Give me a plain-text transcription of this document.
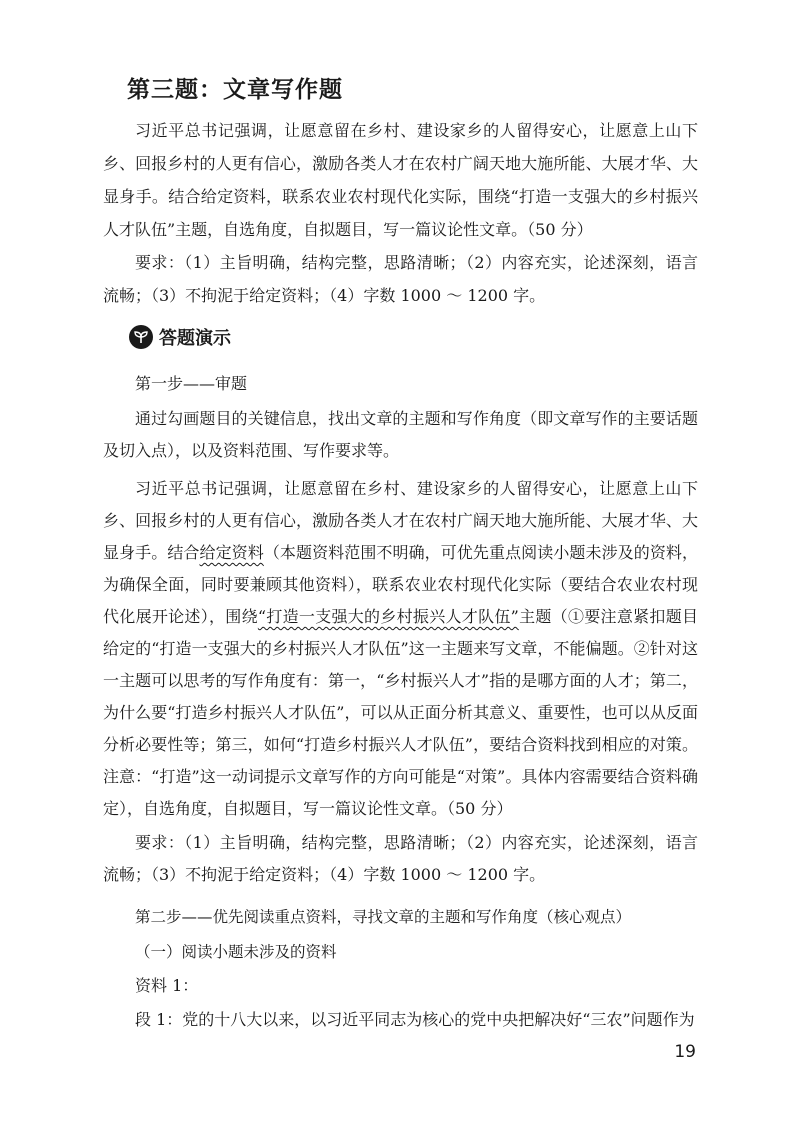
第三题：文章写作题

习近平总书记强调，让愿意留在乡村、建设家乡的人留得安心，让愿意上山下乡、回报乡村的人更有信心，激励各类人才在农村广阔天地大施所能、大展才华、大显身手。结合给定资料，联系农业农村现代化实际，围绕“打造一支强大的乡村振兴人才队伍”主题，自选角度，自拟题目，写一篇议论性文章。（50 分）

要求：（1）主旨明确，结构完整，思路清晰；（2）内容充实，论述深刻，语言流畅；（3）不拘泥于给定资料；（4）字数 1000 ～ 1200 字。

答题演示
第一步——审题

通过勾画题目的关键信息，找出文章的主题和写作角度（即文章写作的主要话题及切入点），以及资料范围、写作要求等。

习近平总书记强调，让愿意留在乡村、建设家乡的人留得安心，让愿意上山下乡、回报乡村的人更有信心，激励各类人才在农村广阔天地大施所能、大展才华、大显身手。结合给定资料（本题资料范围不明确，可优先重点阅读小题未涉及的资料，为确保全面，同时要兼顾其他资料），联系农业农村现代化实际（要结合农业农村现代化展开论述），围绕“打造一支强大的乡村振兴人才队伍”主题（①要注意紧扣题目给定的“打造一支强大的乡村振兴人才队伍”这一主题来写文章，不能偏题。②针对这一主题可以思考的写作角度有：第一，“乡村振兴人才”指的是哪方面的人才；第二，为什么要“打造乡村振兴人才队伍”，可以从正面分析其意义、重要性，也可以从反面分析必要性等；第三，如何“打造乡村振兴人才队伍”，要结合资料找到相应的对策。注意：“打造”这一动词提示文章写作的方向可能是“对策”。具体内容需要结合资料确定），自选角度，自拟题目，写一篇议论性文章。（50 分）

要求：（1）主旨明确，结构完整，思路清晰；（2）内容充实，论述深刻，语言流畅；（3）不拘泥于给定资料；（4）字数 1000 ～ 1200 字。

第二步——优先阅读重点资料，寻找文章的主题和写作角度（核心观点）
（一）阅读小题未涉及的资料
资料 1：
段 1：党的十八大以来，以习近平同志为核心的党中央把解决好“三农”问题作为
19
